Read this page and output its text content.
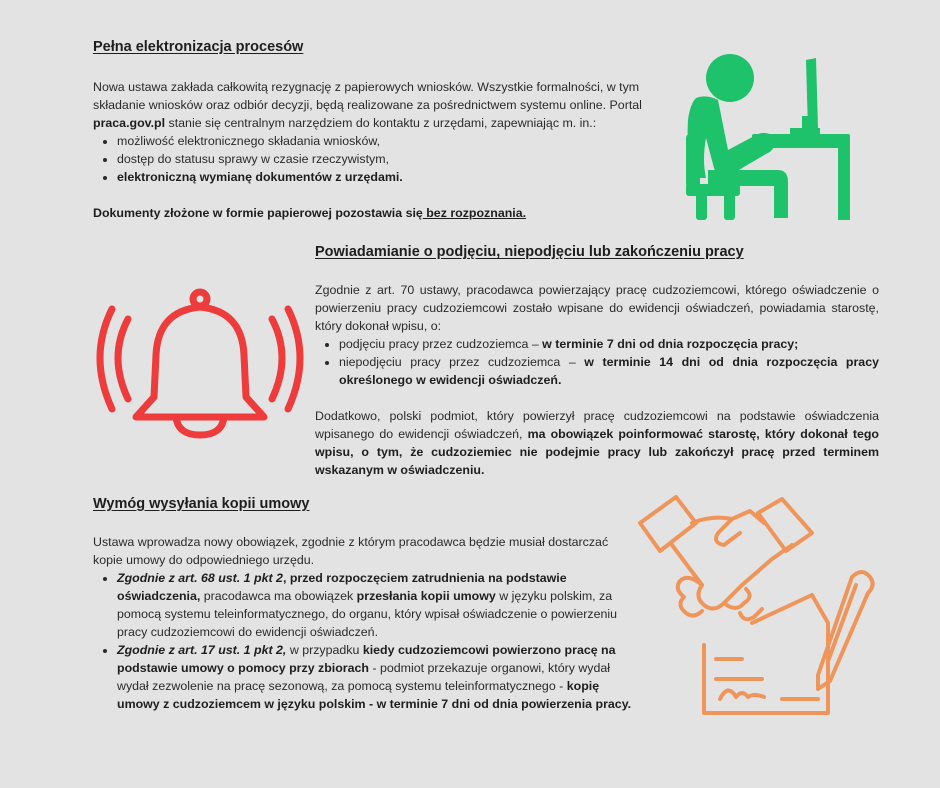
Pełna elektronizacja procesów

Nowa ustawa zakłada całkowitą rezygnację z papierowych wniosków. Wszystkie formalności, w tym składanie wniosków oraz odbiór decyzji, będą realizowane za pośrednictwem systemu online. Portal praca.gov.pl stanie się centralnym narzędziem do kontaktu z urzędami, zapewniając m. in.:

• możliwość elektronicznego składania wniosków,
• dostęp do statusu sprawy w czasie rzeczywistym,
• elektroniczną wymianę dokumentów z urzędami.

Dokumenty złożone w formie papierowej pozostawia się bez rozpoznania.

Powiadamianie o podjęciu, niepodjęciu lub zakończeniu pracy

Zgodnie z art. 70 ustawy, pracodawca powierzający pracę cudzoziemcowi, którego oświadczenie o powierzeniu pracy cudzoziemcowi zostało wpisane do ewidencji oświadczeń, powiadamia starostę, który dokonał wpisu, o:

• podjęciu pracy przez cudzoziemca – w terminie 7 dni od dnia rozpoczęcia pracy;
• niepodjęciu pracy przez cudzoziemca – w terminie 14 dni od dnia rozpoczęcia pracy określonego w ewidencji oświadczeń.

Dodatkowo, polski podmiot, który powierzył pracę cudzoziemcowi na podstawie oświadczenia wpisanego do ewidencji oświadczeń, ma obowiązek poinformować starostę, który dokonał tego wpisu, o tym, że cudzoziemiec nie podejmie pracy lub zakończył pracę przed terminem wskazanym w oświadczeniu.

Wymóg wysyłania kopii umowy

Ustawa wprowadza nowy obowiązek, zgodnie z którym pracodawca będzie musiał dostarczać kopie umowy do odpowiedniego urzędu.

• Zgodnie z art. 68 ust. 1 pkt 2, przed rozpoczęciem zatrudnienia na podstawie oświadczenia, pracodawca ma obowiązek przesłania kopii umowy w języku polskim, za pomocą systemu teleinformatycznego, do organu, który wpisał oświadczenie o powierzeniu pracy cudzoziemcowi do ewidencji oświadczeń.
• Zgodnie z art. 17 ust. 1 pkt 2, w przypadku kiedy cudzoziemcowi powierzono pracę na podstawie umowy o pomocy przy zbiorach - podmiot przekazuje organowi, który wydał wydał zezwolenie na pracę sezonową, za pomocą systemu teleinformatycznego - kopię umowy z cudzoziemcem w języku polskim - w terminie 7 dni od dnia powierzenia pracy.
